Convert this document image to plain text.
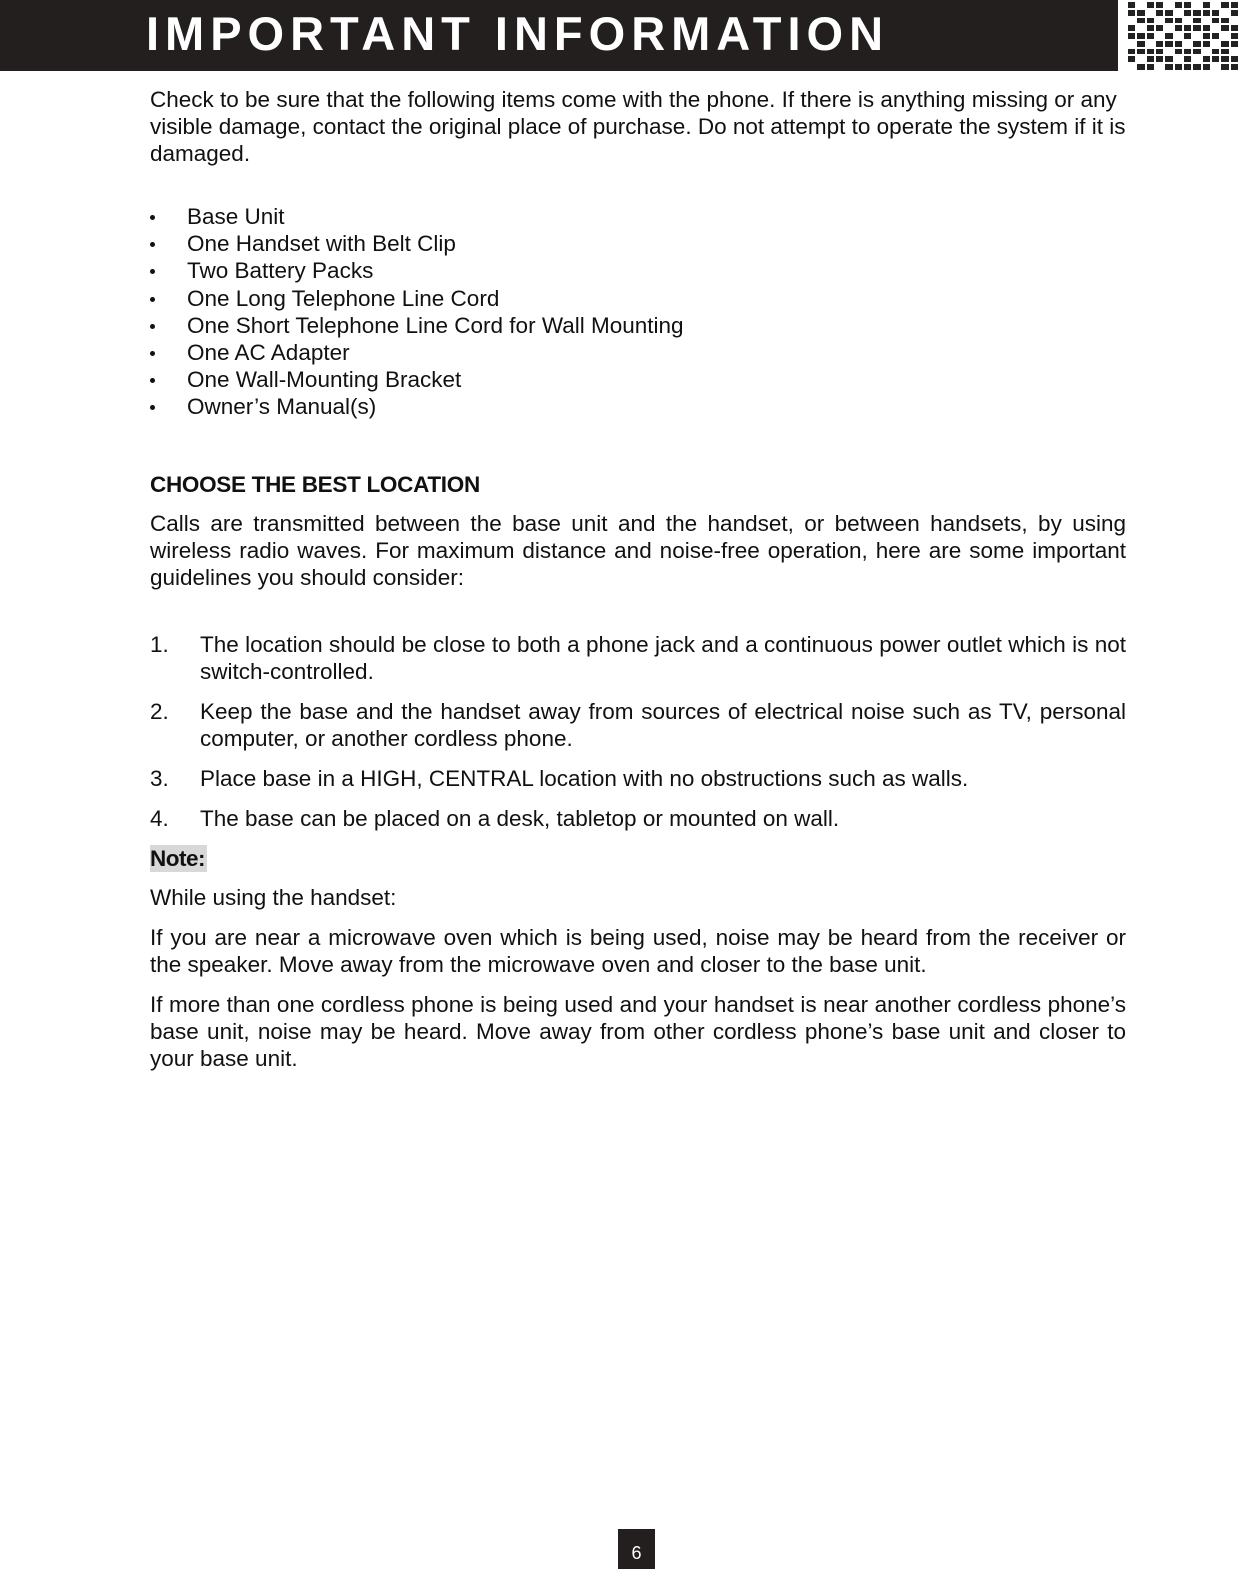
IMPORTANT INFORMATION

Check to be sure that the following items come with the phone. If there is anything missing or any visible damage, contact the original place of purchase. Do not attempt to operate the system if it is damaged.

Base Unit
One Handset with Belt Clip
Two Battery Packs
One Long Telephone Line Cord
One Short Telephone Line Cord for Wall Mounting
One AC Adapter
One Wall-Mounting Bracket
Owner’s Manual(s)
CHOOSE THE BEST LOCATION

Calls are transmitted between the base unit and the handset, or between handsets, by using wireless radio waves. For maximum distance and noise-free operation, here are some important guidelines you should consider:

1. The location should be close to both a phone jack and a continuous power outlet which is not switch-controlled.
2. Keep the base and the handset away from sources of electrical noise such as TV, personal computer, or another cordless phone.
3. Place base in a HIGH, CENTRAL location with no obstructions such as walls.
4. The base can be placed on a desk, tabletop or mounted on wall.
Note:

While using the handset:

If you are near a microwave oven which is being used, noise may be heard from the receiver or the speaker. Move away from the microwave oven and closer to the base unit.

If more than one cordless phone is being used and your handset is near another cordless phone’s base unit, noise may be heard. Move away from other cordless phone’s base unit and closer to your base unit.

6
